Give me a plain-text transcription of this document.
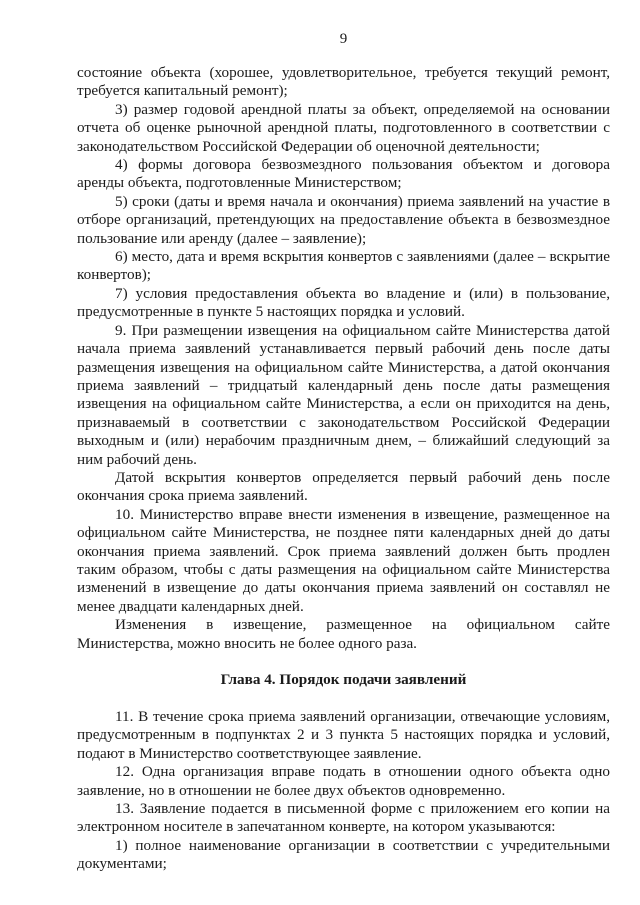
9

состояние объекта (хорошее, удовлетворительное, требуется текущий ремонт, требуется капитальный ремонт);

3) размер годовой арендной платы за объект, определяемой на основании отчета об оценке рыночной арендной платы, подготовленного в соответствии с законодательством Российской Федерации об оценочной деятельности;

4) формы договора безвозмездного пользования объектом и договора аренды объекта, подготовленные Министерством;

5) сроки (даты и время начала и окончания) приема заявлений на участие в отборе организаций, претендующих на предоставление объекта в безвозмездное пользование или аренду (далее – заявление);

6) место, дата и время вскрытия конвертов с заявлениями (далее – вскрытие конвертов);

7) условия предоставления объекта во владение и (или) в пользование, предусмотренные в пункте 5 настоящих порядка и условий.

9. При размещении извещения на официальном сайте Министерства датой начала приема заявлений устанавливается первый рабочий день после даты размещения извещения на официальном сайте Министерства, а датой окончания приема заявлений – тридцатый календарный день после даты размещения извещения на официальном сайте Министерства, а если он приходится на день, признаваемый в соответствии с законодательством Российской Федерации выходным и (или) нерабочим праздничным днем, – ближайший следующий за ним рабочий день.

Датой вскрытия конвертов определяется первый рабочий день после окончания срока приема заявлений.

10. Министерство вправе внести изменения в извещение, размещенное на официальном сайте Министерства, не позднее пяти календарных дней до даты окончания приема заявлений. Срок приема заявлений должен быть продлен таким образом, чтобы с даты размещения на официальном сайте Министерства изменений в извещение до даты окончания приема заявлений он составлял не менее двадцати календарных дней.

Изменения в извещение, размещенное на официальном сайте Министерства, можно вносить не более одного раза.

Глава 4. Порядок подачи заявлений

11. В течение срока приема заявлений организации, отвечающие условиям, предусмотренным в подпунктах 2 и 3 пункта 5 настоящих порядка и условий, подают в Министерство соответствующее заявление.

12. Одна организация вправе подать в отношении одного объекта одно заявление, но в отношении не более двух объектов одновременно.

13. Заявление подается в письменной форме с приложением его копии на электронном носителе в запечатанном конверте, на котором указываются:

1) полное наименование организации в соответствии с учредительными документами;
